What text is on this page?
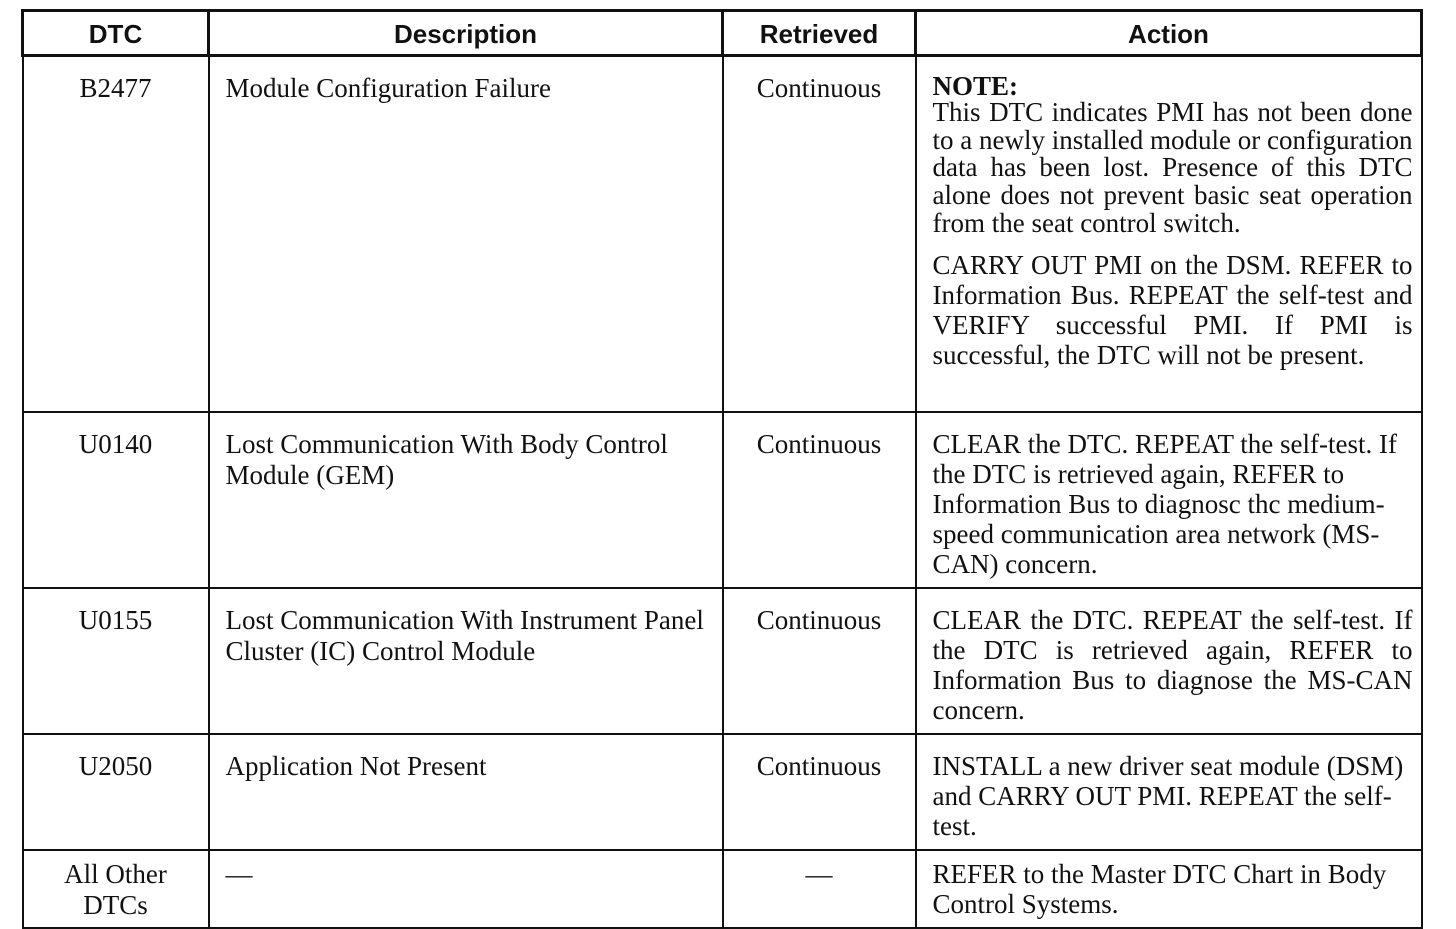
DTC	Description	Retrieved	Action
B2477	Module Configuration Failure	Continuous	NOTE:
This DTC indicates PMI has not been done to a newly installed module or configuration data has been lost. Presence of this DTC alone does not prevent basic seat operation from the seat control switch.
CARRY OUT PMI on the DSM. REFER to Information Bus. REPEAT the self-test and VERIFY successful PMI. If PMI is successful, the DTC will not be present.

U0140	Lost Communication With Body Control Module (GEM)	Continuous	CLEAR the DTC. REPEAT the self-test. If the DTC is retrieved again, REFER to Information Bus to diagnosc thc medium-speed communication area network (MS-CAN) concern.

U0155	Lost Communication With Instrument Panel Cluster (IC) Control Module	Continuous	CLEAR the DTC. REPEAT the self-test. If the DTC is retrieved again, REFER to Information Bus to diagnose the MS-CAN concern.

U2050	Application Not Present	Continuous	INSTALL a new driver seat module (DSM) and CARRY OUT PMI. REPEAT the self-test.

All Other DTCs	—	—	REFER to the Master DTC Chart in Body Control Systems.
